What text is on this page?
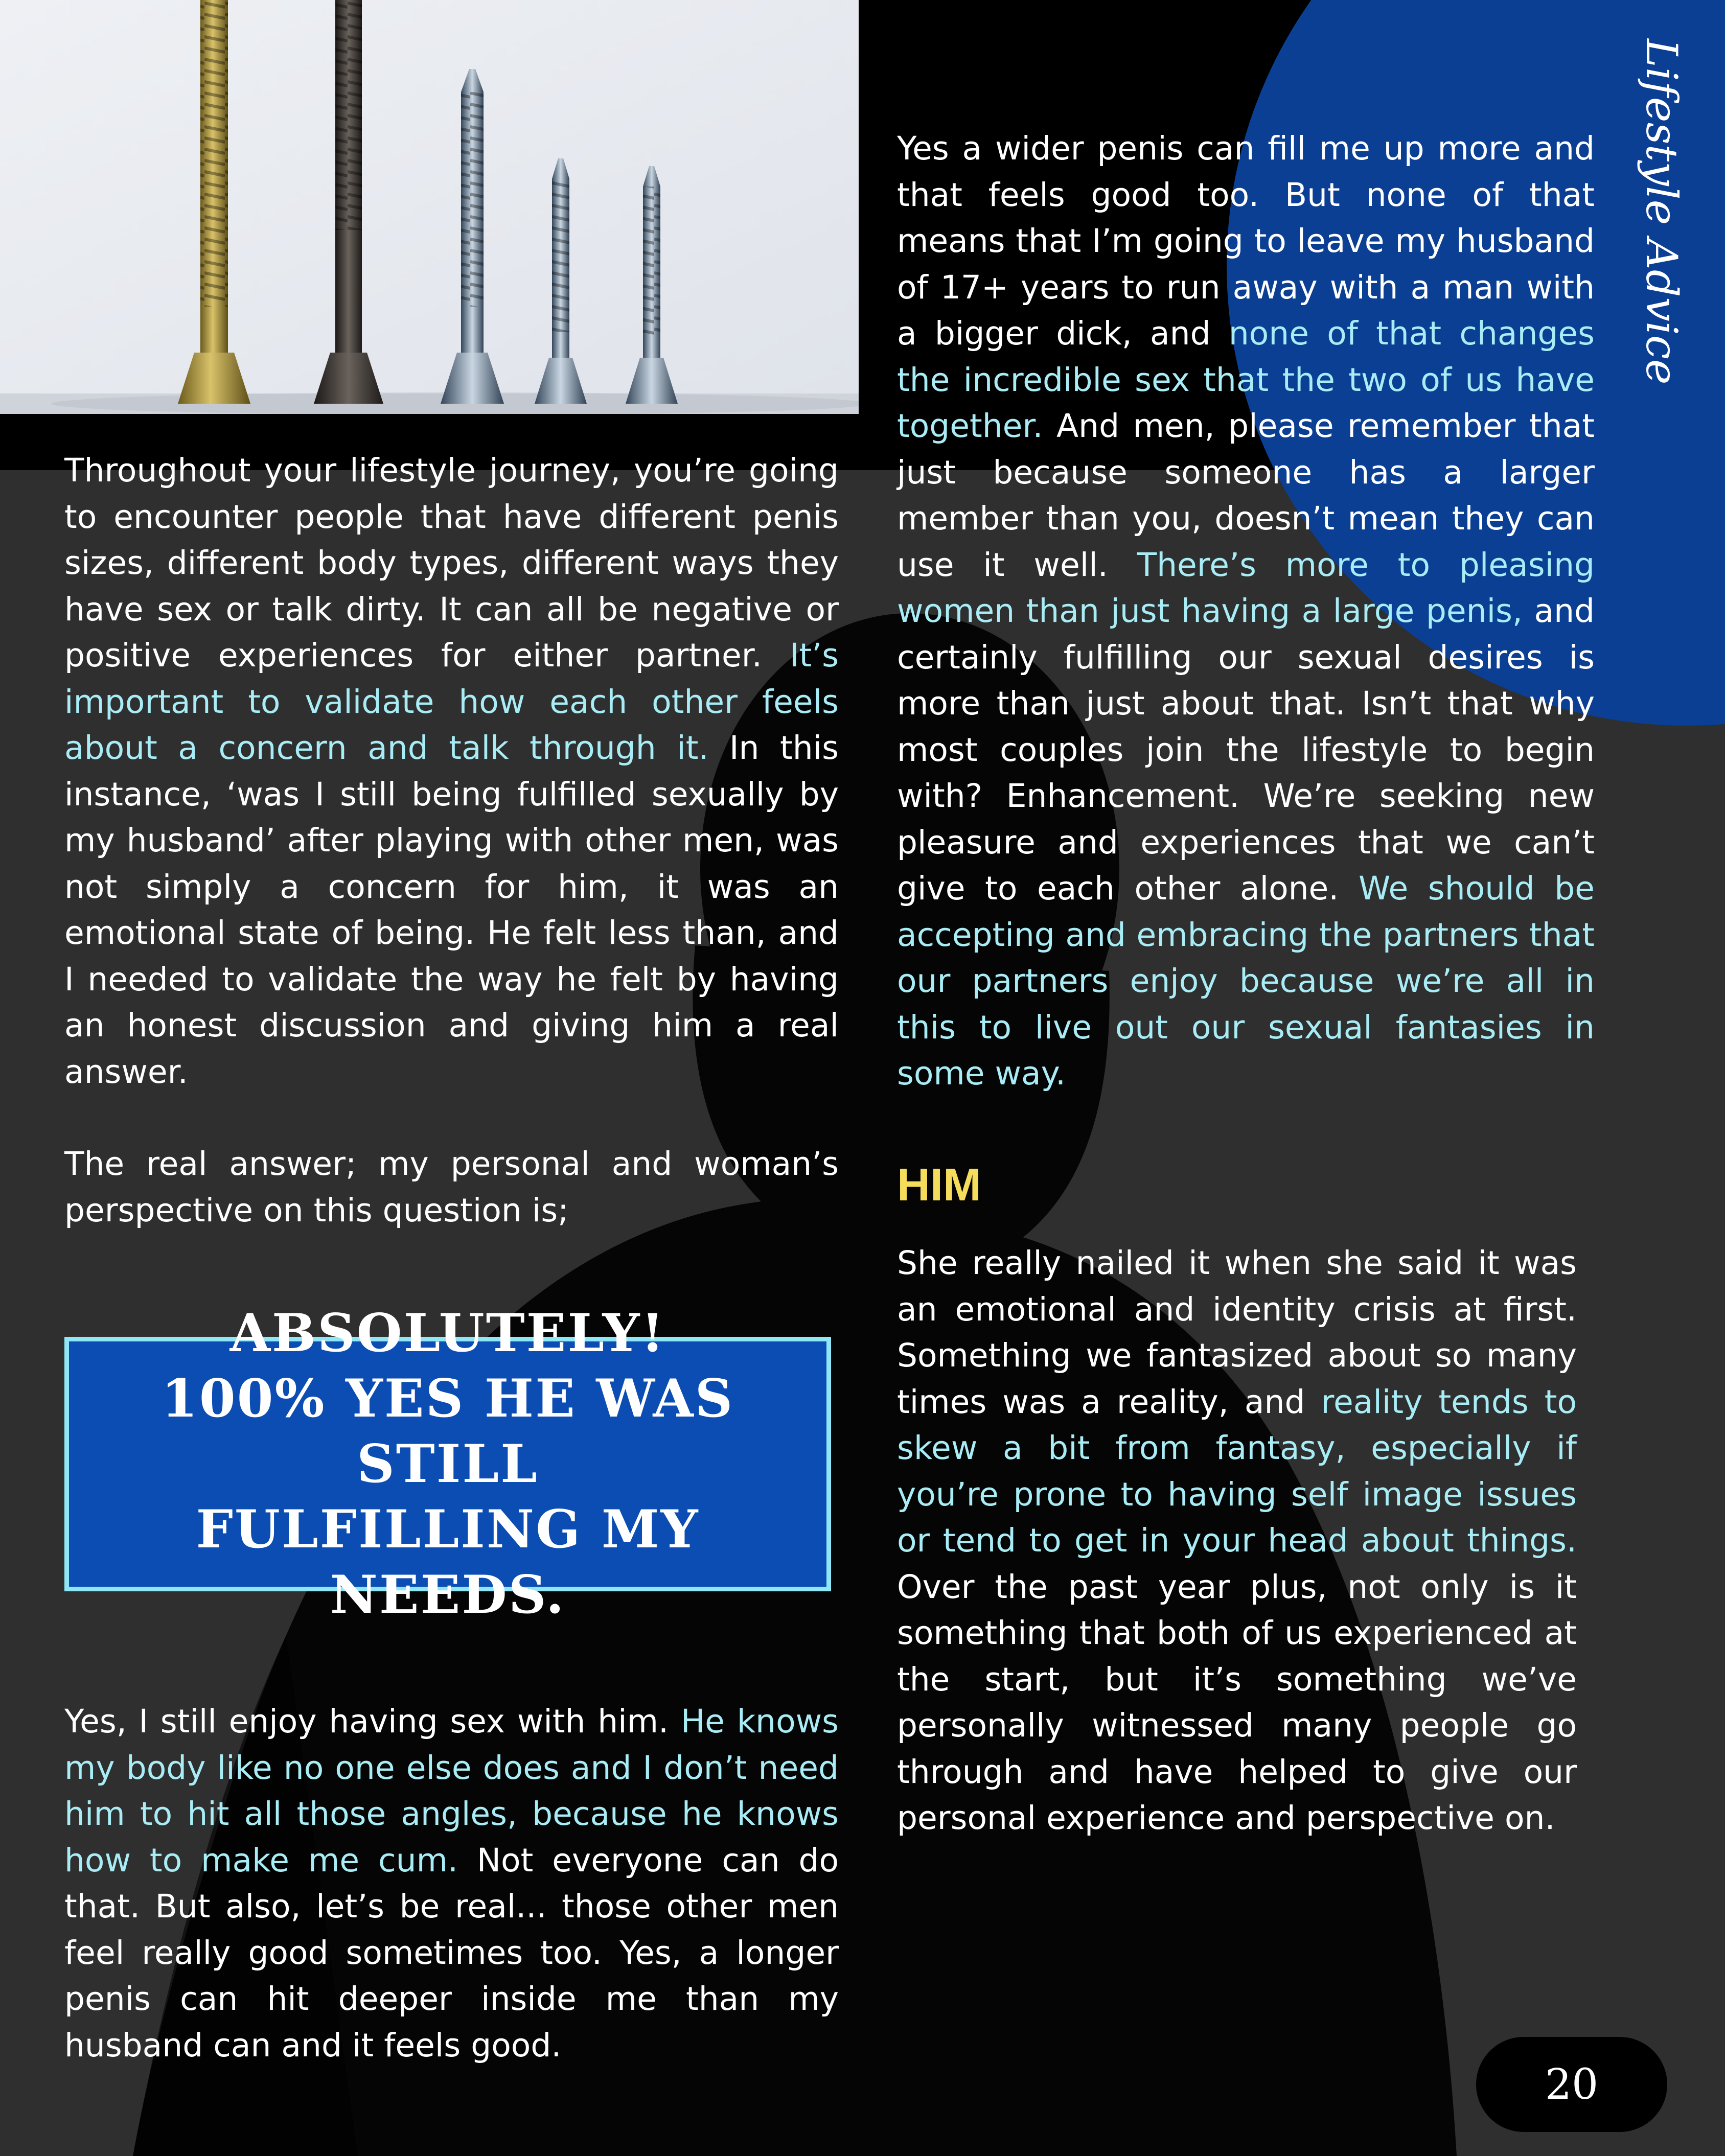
Lifestyle Advice

Throughout your lifestyle journey, you’re going to encounter people that have different penis sizes, different body types, different ways they have sex or talk dirty. It can all be negative or positive experiences for either partner. It’s important to validate how each other feels about a concern and talk through it. In this instance, ‘was I still being fulfilled sexually by my husband’ after playing with other men, was not simply a concern for him, it was an emotional state of being. He felt less than, and I needed to validate the way he felt by having an honest discussion and giving him a real answer.

The real answer; my personal and woman’s perspective on this question is;

ABSOLUTELY!
100% YES HE WAS STILL
FULFILLING MY NEEDS.

Yes, I still enjoy having sex with him. He knows my body like no one else does and I don’t need him to hit all those angles, because he knows how to make me cum. Not everyone can do that. But also, let’s be real... those other men feel really good sometimes too. Yes, a longer penis can hit deeper inside me than my husband can and it feels good.

Yes a wider penis can fill me up more and that feels good too. But none of that means that I’m going to leave my husband of 17+ years to run away with a man with a bigger dick, and none of that changes the incredible sex that the two of us have together. And men, please remember that just because someone has a larger member than you, doesn’t mean they can use it well. There’s more to pleasing women than just having a large penis, and certainly fulfilling our sexual desires is more than just about that. Isn’t that why most couples join the lifestyle to begin with? Enhancement. We’re seeking new pleasure and experiences that we can’t give to each other alone. We should be accepting and embracing the partners that our partners enjoy because we’re all in this to live out our sexual fantasies in some way.

HIM

She really nailed it when she said it was an emotional and identity crisis at first. Something we fantasized about so many times was a reality, and reality tends to skew a bit from fantasy, especially if you’re prone to having self image issues or tend to get in your head about things. Over the past year plus, not only is it something that both of us experienced at the start, but it’s something we’ve personally witnessed many people go through and have helped to give our personal experience and perspective on.

20
